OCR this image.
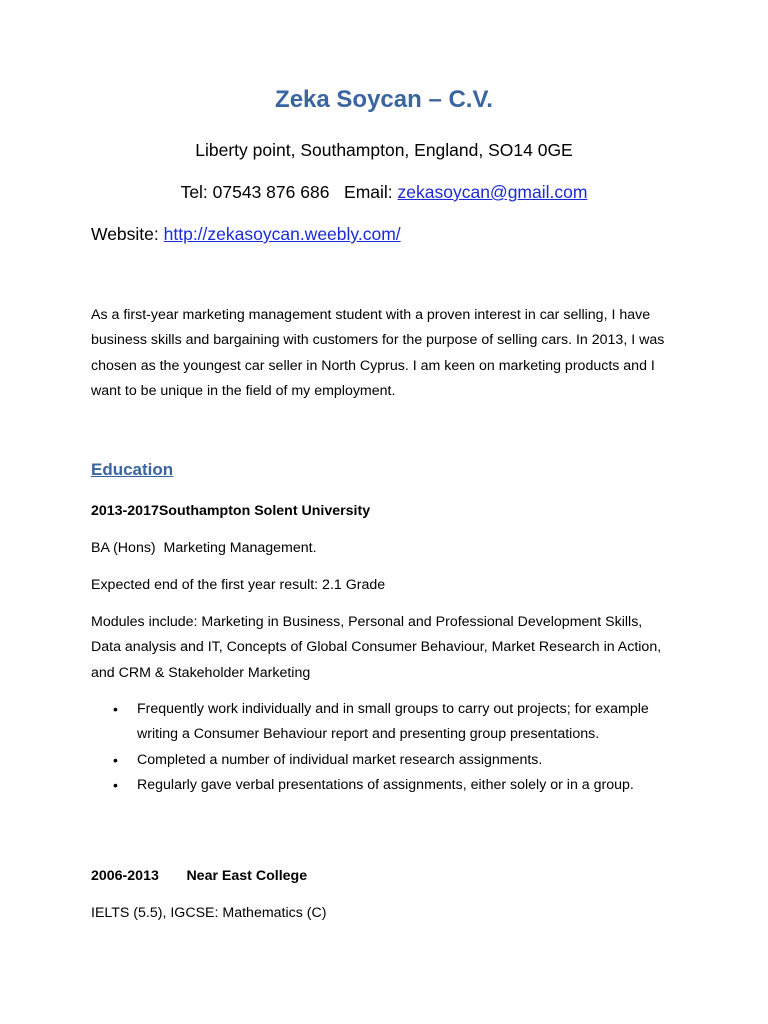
Zeka Soycan – C.V.
Liberty point, Southampton, England, SO14 0GE
Tel: 07543 876 686   Email: zekasoycan@gmail.com
Website: http://zekasoycan.weebly.com/

As a first-year marketing management student with a proven interest in car selling, I have business skills and bargaining with customers for the purpose of selling cars. In 2013, I was chosen as the youngest car seller in North Cyprus. I am keen on marketing products and I want to be unique in the field of my employment.

Education

2013-2017Southampton Solent University

BA (Hons)  Marketing Management.

Expected end of the first year result: 2.1 Grade

Modules include: Marketing in Business, Personal and Professional Development Skills, Data analysis and IT, Concepts of Global Consumer Behaviour, Market Research in Action, and CRM & Stakeholder Marketing

• Frequently work individually and in small groups to carry out projects; for example writing a Consumer Behaviour report and presenting group presentations.
• Completed a number of individual market research assignments.
• Regularly gave verbal presentations of assignments, either solely or in a group.

2006-2013       Near East College

IELTS (5.5), IGCSE: Mathematics (C)
